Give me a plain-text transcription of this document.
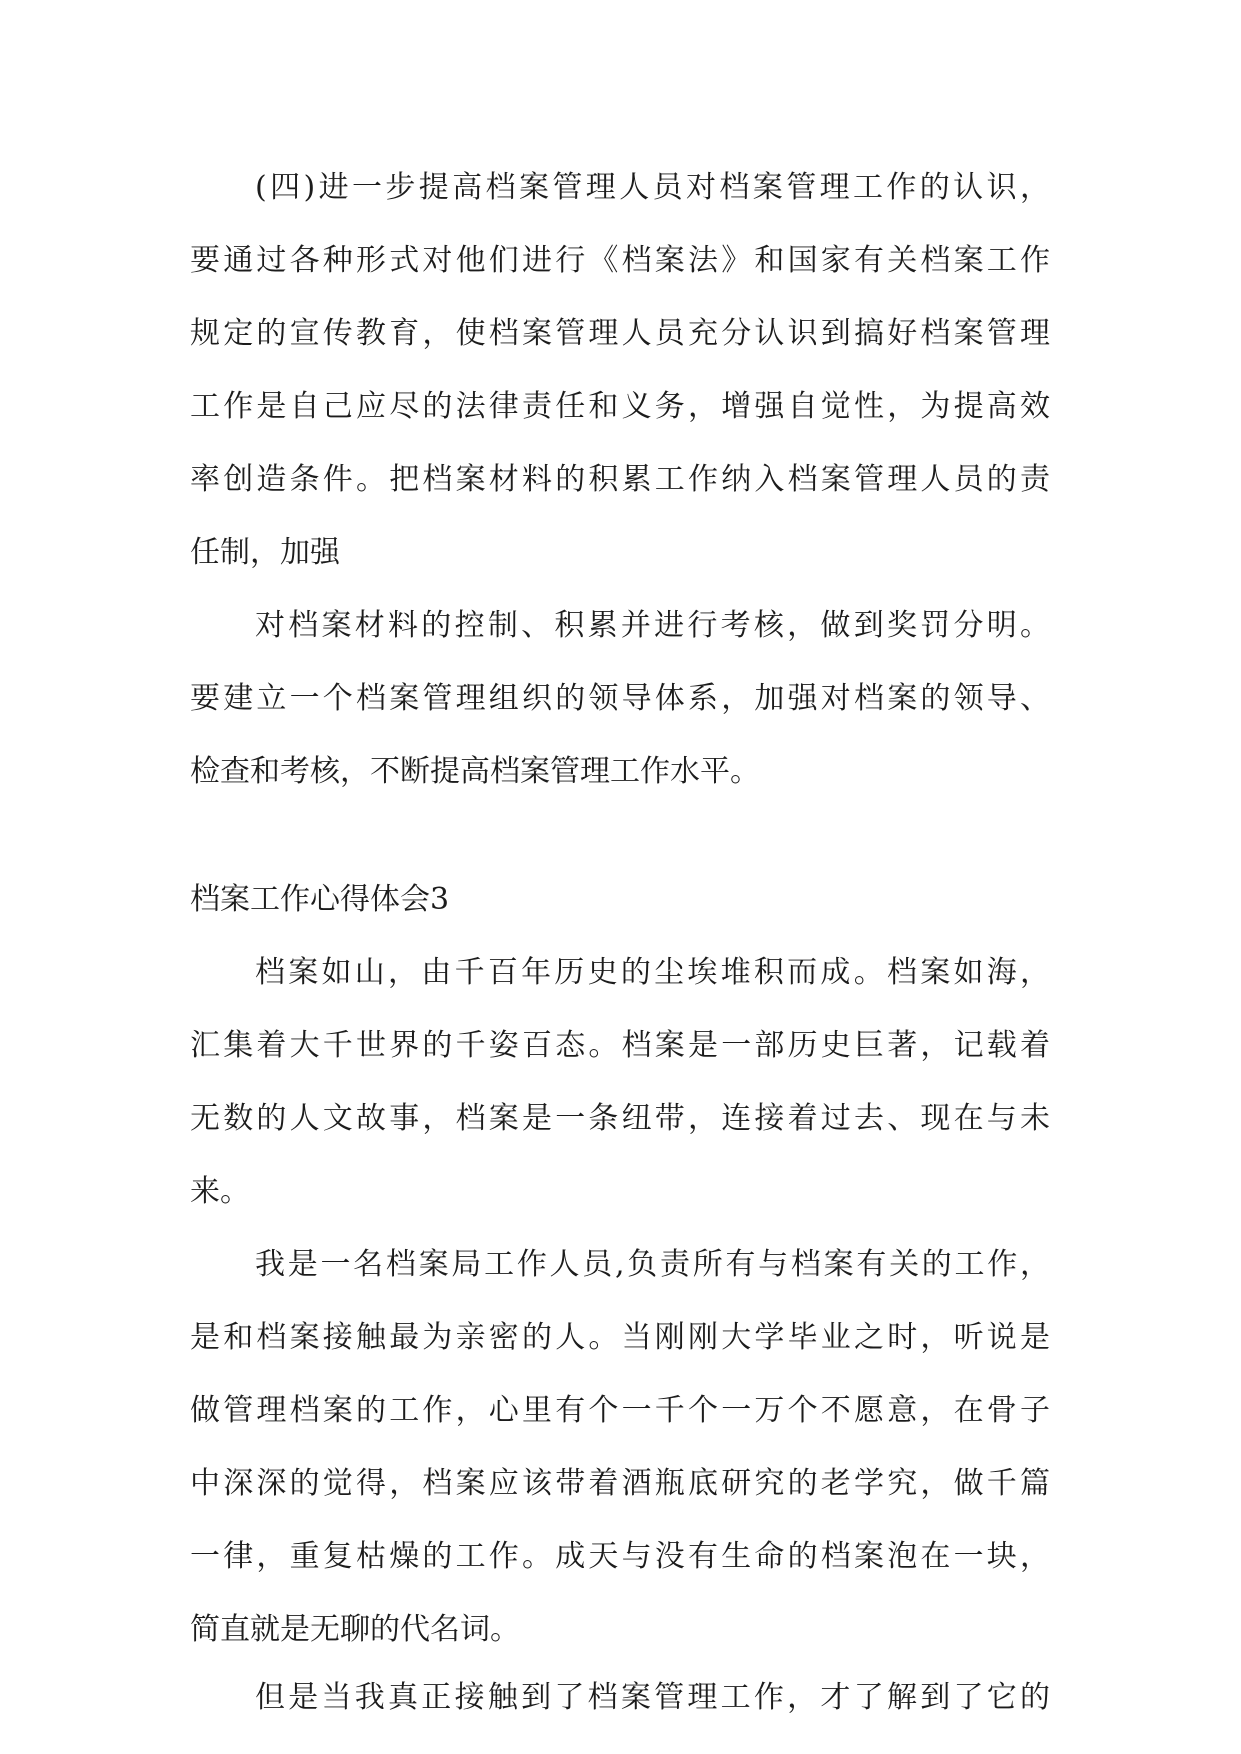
(四)进一步提高档案管理人员对档案管理工作的认识，
要通过各种形式对他们进行《档案法》和国家有关档案工作
规定的宣传教育，使档案管理人员充分认识到搞好档案管理
工作是自己应尽的法律责任和义务，增强自觉性，为提高效
率创造条件。把档案材料的积累工作纳入档案管理人员的责
任制，加强
对档案材料的控制、积累并进行考核，做到奖罚分明。
要建立一个档案管理组织的领导体系，加强对档案的领导、
检查和考核，不断提高档案管理工作水平。
档案工作心得体会3
档案如山，由千百年历史的尘埃堆积而成。档案如海，
汇集着大千世界的千姿百态。档案是一部历史巨著，记载着
无数的人文故事，档案是一条纽带，连接着过去、现在与未
来。
我是一名档案局工作人员,负责所有与档案有关的工作，
是和档案接触最为亲密的人。当刚刚大学毕业之时，听说是
做管理档案的工作，心里有个一千个一万个不愿意，在骨子
中深深的觉得，档案应该带着酒瓶底研究的老学究，做千篇
一律，重复枯燥的工作。成天与没有生命的档案泡在一块，
简直就是无聊的代名词。
但是当我真正接触到了档案管理工作，才了解到了它的
